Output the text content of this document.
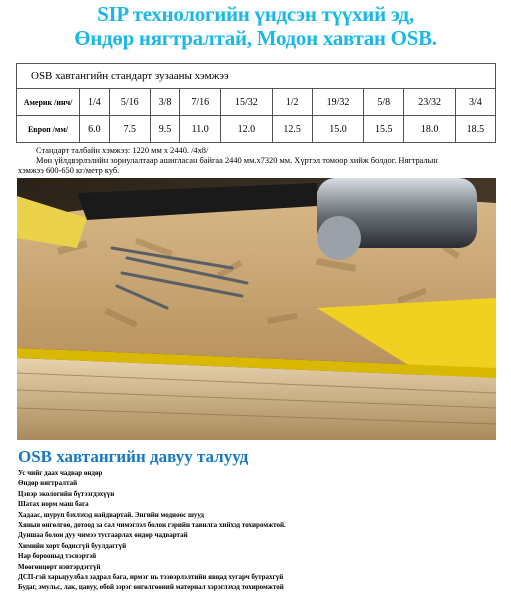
SIP технологийн үндсэн түүхий эд,
Өндөр нягтралтай, Модон хавтан OSB.
OSB хавтангийн стандарт зузааны хэмжээ										
Америк /инч/	1/4	5/16	3/8	7/16	15/32	1/2	19/32	5/8	23/32	3/4
Европ /мм/	6.0	7.5	9.5	11.0	12.0	12.5	15.0	15.5	18.0	18.5
Стандарт талбайн хэмжээ: 1220 мм x 2440. /4x8/
Мөн үйлдвэрлэлийн зориулалтаар ашигласан байгаа 2440 мм.x7320 мм. Хүртэл томоор хийж болдог. Нягтралын
хэмжээ 600-650 кг/метр куб.
OSB хавтангийн давуу талууд
Ус чийг дааx чадвар өндөр
Өндөр нягтралтай
Цэвэр экологийн бүтээгдэхүүн
Шатах норм маш бага
Хадаас, шуруп бэхлэхэд найдвартай. Энгийн модноос шууд
Хяныя өнгөлгөө, дотоод за сал чимэглэл болон гэрийн тавилга хийхэд тохиромжтой.
Дуншаа болон дуу чимээ тусгаарлах өндөр чадвартай
Химийн хорт бодисгүй буулдаггүй
Нар борооныд тэсвэртэй
Мөөгөнцөрт нэвтэрдэггүй
ДСП-гэй харьцуулбал задрал бага, ирмэг нь тээвэрлэлтийн явцад хугарч бутрахгүй
Будаг, эмульс, лак, цавуу, обой зэрэг өнгөлгөөний материал хэрэглэхэд тохиромжтой
